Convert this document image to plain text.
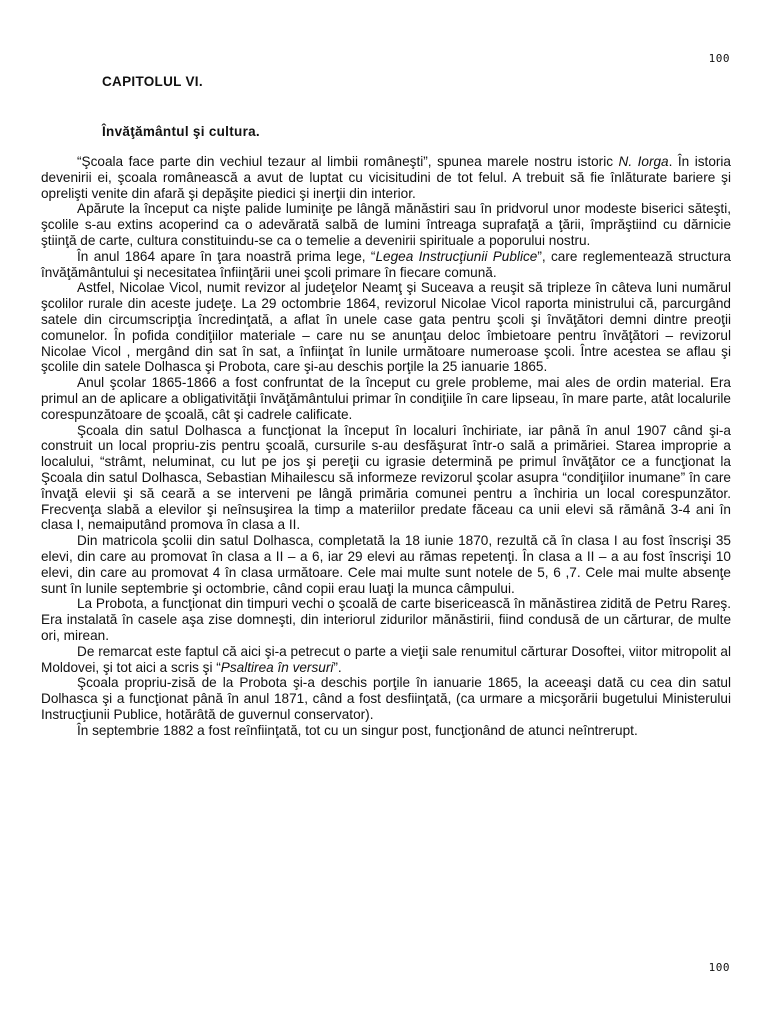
100
CAPITOLUL VI.
Învăţământul şi cultura.

“Şcoala face parte din vechiul tezaur al limbii româneşti”, spunea marele nostru istoric N. Iorga. În istoria devenirii ei, şcoala românească a avut de luptat cu vicisitudini de tot felul. A trebuit să fie înlăturate bariere şi oprelişti venite din afară şi depăşite piedici şi inerţii din interior.

Apărute la început ca nişte palide luminiţe pe lângă mănăstiri sau în pridvorul unor modeste biserici săteşti, şcolile s-au extins acoperind ca o adevărată salbă de lumini întreaga suprafaţă a ţării, împrăştiind cu dărnicie ştiinţă de carte, cultura constituindu-se ca o temelie a devenirii spirituale a poporului nostru.

În anul 1864 apare în ţara noastră prima lege, “Legea Instrucţiunii Publice”, care reglementează structura învăţământului şi necesitatea înfiinţării unei şcoli primare în fiecare comună.

Astfel, Nicolae Vicol, numit revizor al judeţelor Neamţ şi Suceava a reuşit să tripleze în câteva luni numărul şcolilor rurale din aceste judeţe. La 29 octombrie 1864, revizorul Nicolae Vicol raporta ministrului că, parcurgând satele din circumscripţia încredinţată, a aflat în unele case gata pentru şcoli şi învăţători demni dintre preoţii comunelor. În pofida condiţiilor materiale – care nu se anunţau deloc îmbietoare pentru învăţători – revizorul Nicolae Vicol , mergând din sat în sat, a înfiinţat în lunile următoare numeroase şcoli. Între acestea se aflau şi şcolile din satele Dolhasca şi Probota, care şi-au deschis porţile la 25 ianuarie 1865.

Anul şcolar 1865-1866 a fost confruntat de la început cu grele probleme, mai ales de ordin material. Era primul an de aplicare a obligativităţii învăţământului primar în condiţiile în care lipseau, în mare parte, atât localurile corespunzătoare de şcoală, cât şi cadrele calificate.

Şcoala din satul Dolhasca a funcţionat la început în localuri închiriate, iar până în anul 1907 când şi-a construit un local propriu-zis pentru şcoală, cursurile s-au desfăşurat într-o sală a primăriei. Starea improprie a localului, “strâmt, neluminat, cu lut pe jos şi pereţii cu igrasie determină pe primul învăţător ce a funcţionat la Şcoala din satul Dolhasca, Sebastian Mihailescu să informeze revizorul şcolar asupra “condiţiilor inumane” în care învaţă elevii şi să ceară a se interveni pe lângă primăria comunei pentru a închiria un local corespunzător. Frecvenţa slabă a elevilor şi neînsuşirea la timp a materiilor predate făceau ca unii elevi să rămână 3-4 ani în clasa I, nemaiputând promova în clasa a II.

Din matricola şcolii din satul Dolhasca, completată la 18 iunie 1870, rezultă că în clasa I au fost înscrişi 35 elevi, din care au promovat în clasa a II – a 6, iar 29 elevi au rămas repetenţi. În clasa a II – a au fost înscrişi 10 elevi, din care au promovat 4 în clasa următoare. Cele mai multe sunt notele de 5, 6 ,7. Cele mai multe absenţe sunt în lunile septembrie şi octombrie, când copii erau luaţi la munca câmpului.

La Probota, a funcţionat din timpuri vechi o şcoală de carte bisericească în mănăstirea zidită de Petru Rareş. Era instalată în casele aşa zise domneşti, din interiorul zidurilor mănăstirii, fiind condusă de un cărturar, de multe ori, mirean.

De remarcat este faptul că aici şi-a petrecut o parte a vieţii sale renumitul cărturar Dosoftei, viitor mitropolit al Moldovei, şi tot aici a scris şi “Psaltirea în versuri”.

Şcoala propriu-zisă de la Probota şi-a deschis porţile în ianuarie 1865, la aceeaşi dată cu cea din satul Dolhasca şi a funcţionat până în anul 1871, când a fost desfiinţată, (ca urmare a micşorării bugetului Ministerului Instrucţiunii Publice, hotărâtă de guvernul conservator).

În septembrie 1882 a fost reînfiinţată, tot cu un singur post, funcţionând de atunci neîntrerupt.

100
